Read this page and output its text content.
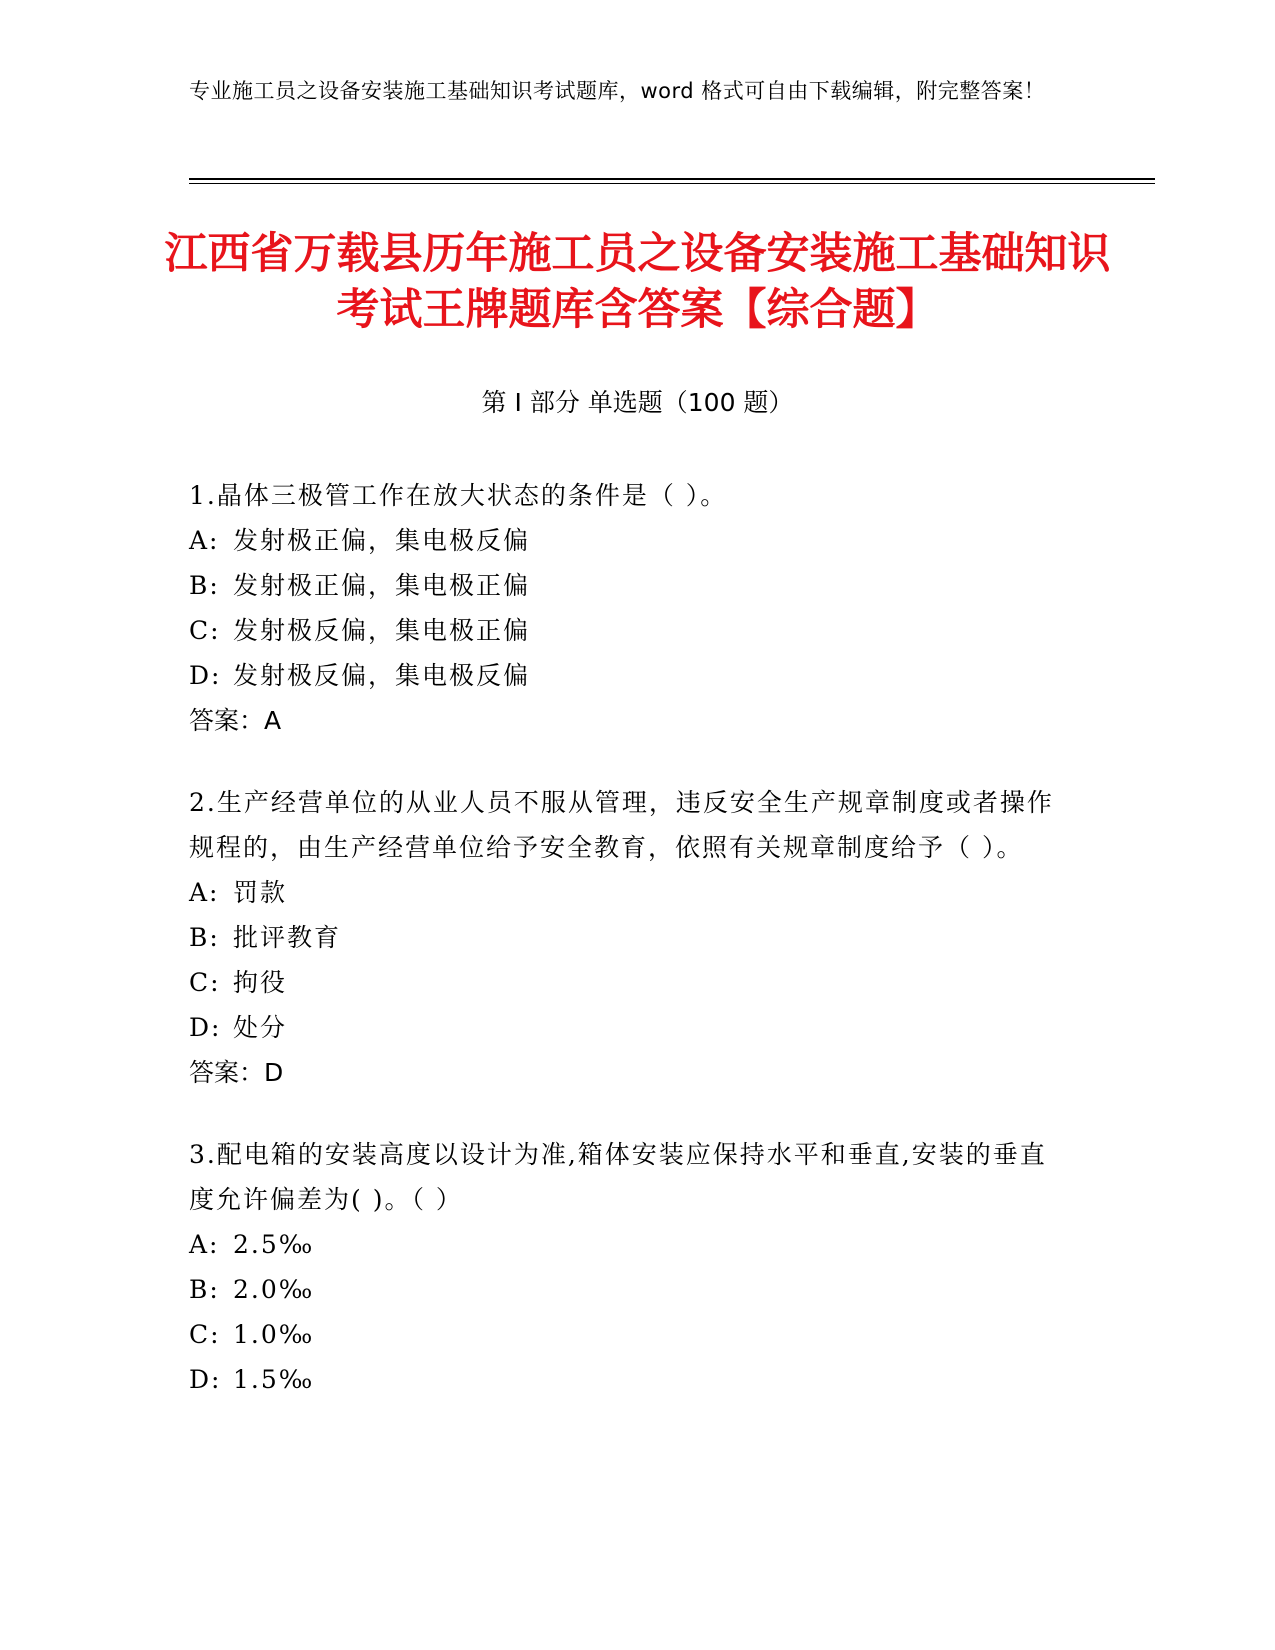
专业施工员之设备安装施工基础知识考试题库，word 格式可自由下载编辑，附完整答案！
江西省万载县历年施工员之设备安装施工基础知识考试王牌题库含答案【综合题】
第 I 部分 单选题（100 题）

1.晶体三极管工作在放大状态的条件是（ ）。

A: 发射极正偏，集电极反偏

B: 发射极正偏，集电极正偏

C: 发射极反偏，集电极正偏

D: 发射极反偏，集电极反偏

答案：A

2.生产经营单位的从业人员不服从管理，违反安全生产规章制度或者操作规程的，由生产经营单位给予安全教育，依照有关规章制度给予（ ）。

A: 罚款

B: 批评教育

C: 拘役

D: 处分

答案：D

3.配电箱的安装高度以设计为准,箱体安装应保持水平和垂直,安装的垂直度允许偏差为( )。（ ）

A: 2.5‰

B: 2.0‰

C: 1.0‰

D: 1.5‰
